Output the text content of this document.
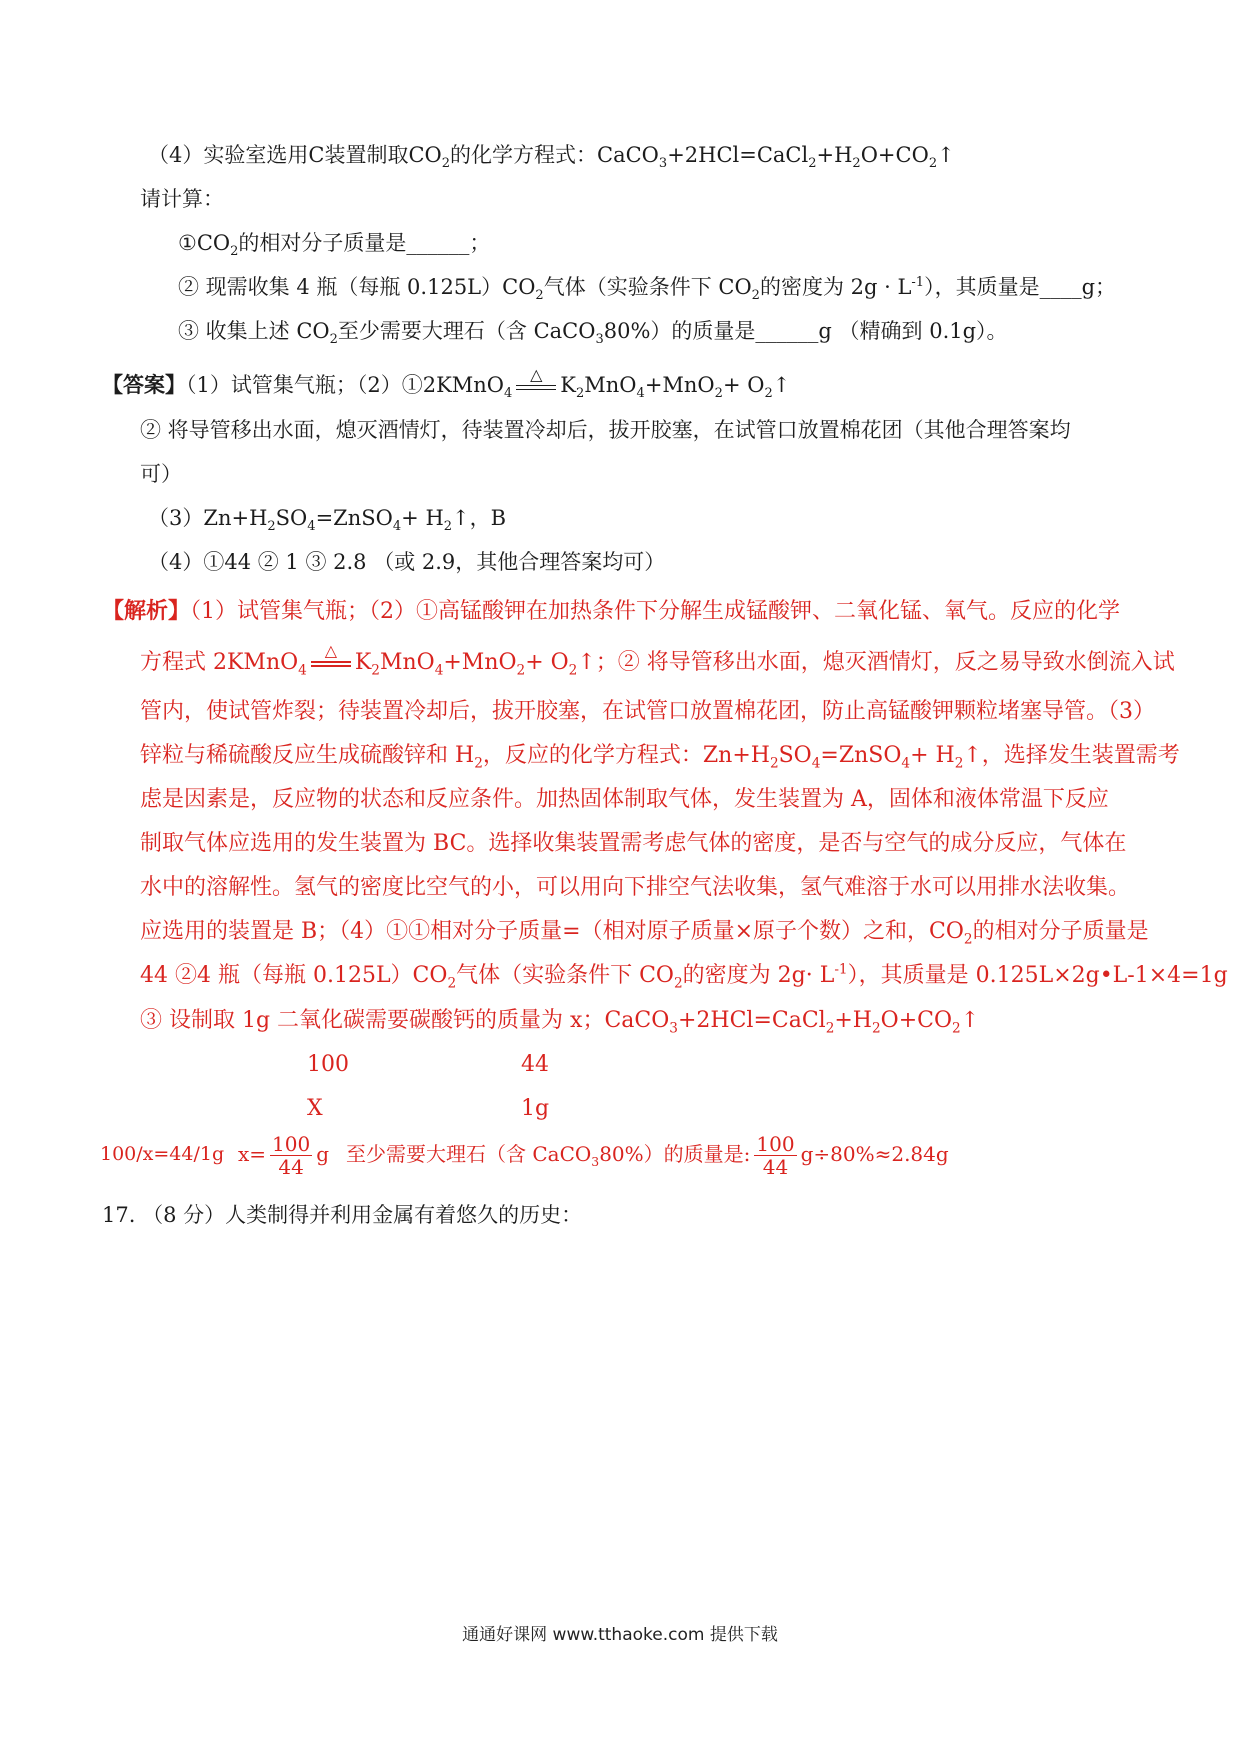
（4）实验室选用C装置制取$CO_2$的化学方程式：$CaCO_3+2HCl=CaCl_2+H_2O+CO_2↑$
请计算：
$①CO_2$的相对分子质量是______；
② 现需收集 4 瓶（每瓶 $0.125L)CO_2$气体（实验条件下 $CO_2$的密度为 $2g \cdot L^{-1}$），其质量是____g；
③ 收集上述 $CO_2$至少需要大理石（含 CaCO$_3$80%）的质量是______g （精确到 0.1g）。
【答案】（1）试管集气瓶；（2）①2KMnO$_4$
△ $K_2MnO_4+MnO_2+$ $O_2↑$
② 将导管移出水面，熄灭酒情灯，待装置冷却后，拔开胶塞，在试管口放置棉花团（其他合理答案均
可）
$(3)Zn+H_2SO_4=ZnSO_4+$ $H_2↑$，B
（4）①44 ② 1 ③ 2.8 （或 2.9，其他合理答案均可）
【解析】（1）试管集气瓶；（2）①高锰酸钾在加热条件下分解生成锰酸钾、二氧化锰、氧气。反应的化学
方程式 2KMnO$_4$
△ $K_2MnO_4+MnO_2+$ $O_2↑$；② 将导管移出水面，熄灭酒情灯，反之易导致水倒流入试
管内，使试管炸裂；待装置冷却后，拔开胶塞，在试管口放置棉花团，防止高锰酸钾颗粒堵塞导管。（3）
锌粒与稀硫酸反应生成硫酸锌和 $H_2$，反应的化学方程式：$Zn+H_2SO_4=ZnSO_4+$ $H_2↑$，选择发生装置需考
虑是因素是，反应物的状态和反应条件。加热固体制取气体，发生装置为 A，固体和液体常温下反应
制取气体应选用的发生装置为 BC。选择收集装置需考虑气体的密度，是否与空气的成分反应，气体在
水中的溶解性。氢气的密度比空气的小，可以用向下排空气法收集，氢气难溶于水可以用排水法收集。
应选用的装置是 B；（4）①①相对分子质量=（相对原子质量×原子个数）之和，$CO_2$的相对分子质量是
44 ②4 瓶（每瓶 $0.125L)CO_2$气体（实验条件下 $CO_2$的密度为 $2g\cdot L^{-1}$），其质量是 0.125L×2g•L-1×4=1g
③ 设制取 1g 二氧化碳需要碳酸钙的质量为 x；$CaCO_3+2HCl=CaCl_2+H_2O+CO_2↑$
100	44
X	1g
100/x=44/1g $x= \frac{100}{44}$ g 至少需要大理石（含 CaCO$_3$80%）的质量是: $\frac{100}{44} g\div 80\%\approx 2.84g$
17. （8 分）人类制得并利用金属有着悠久的历史：
通通好课网 www.tthaoke.com 提供下载
